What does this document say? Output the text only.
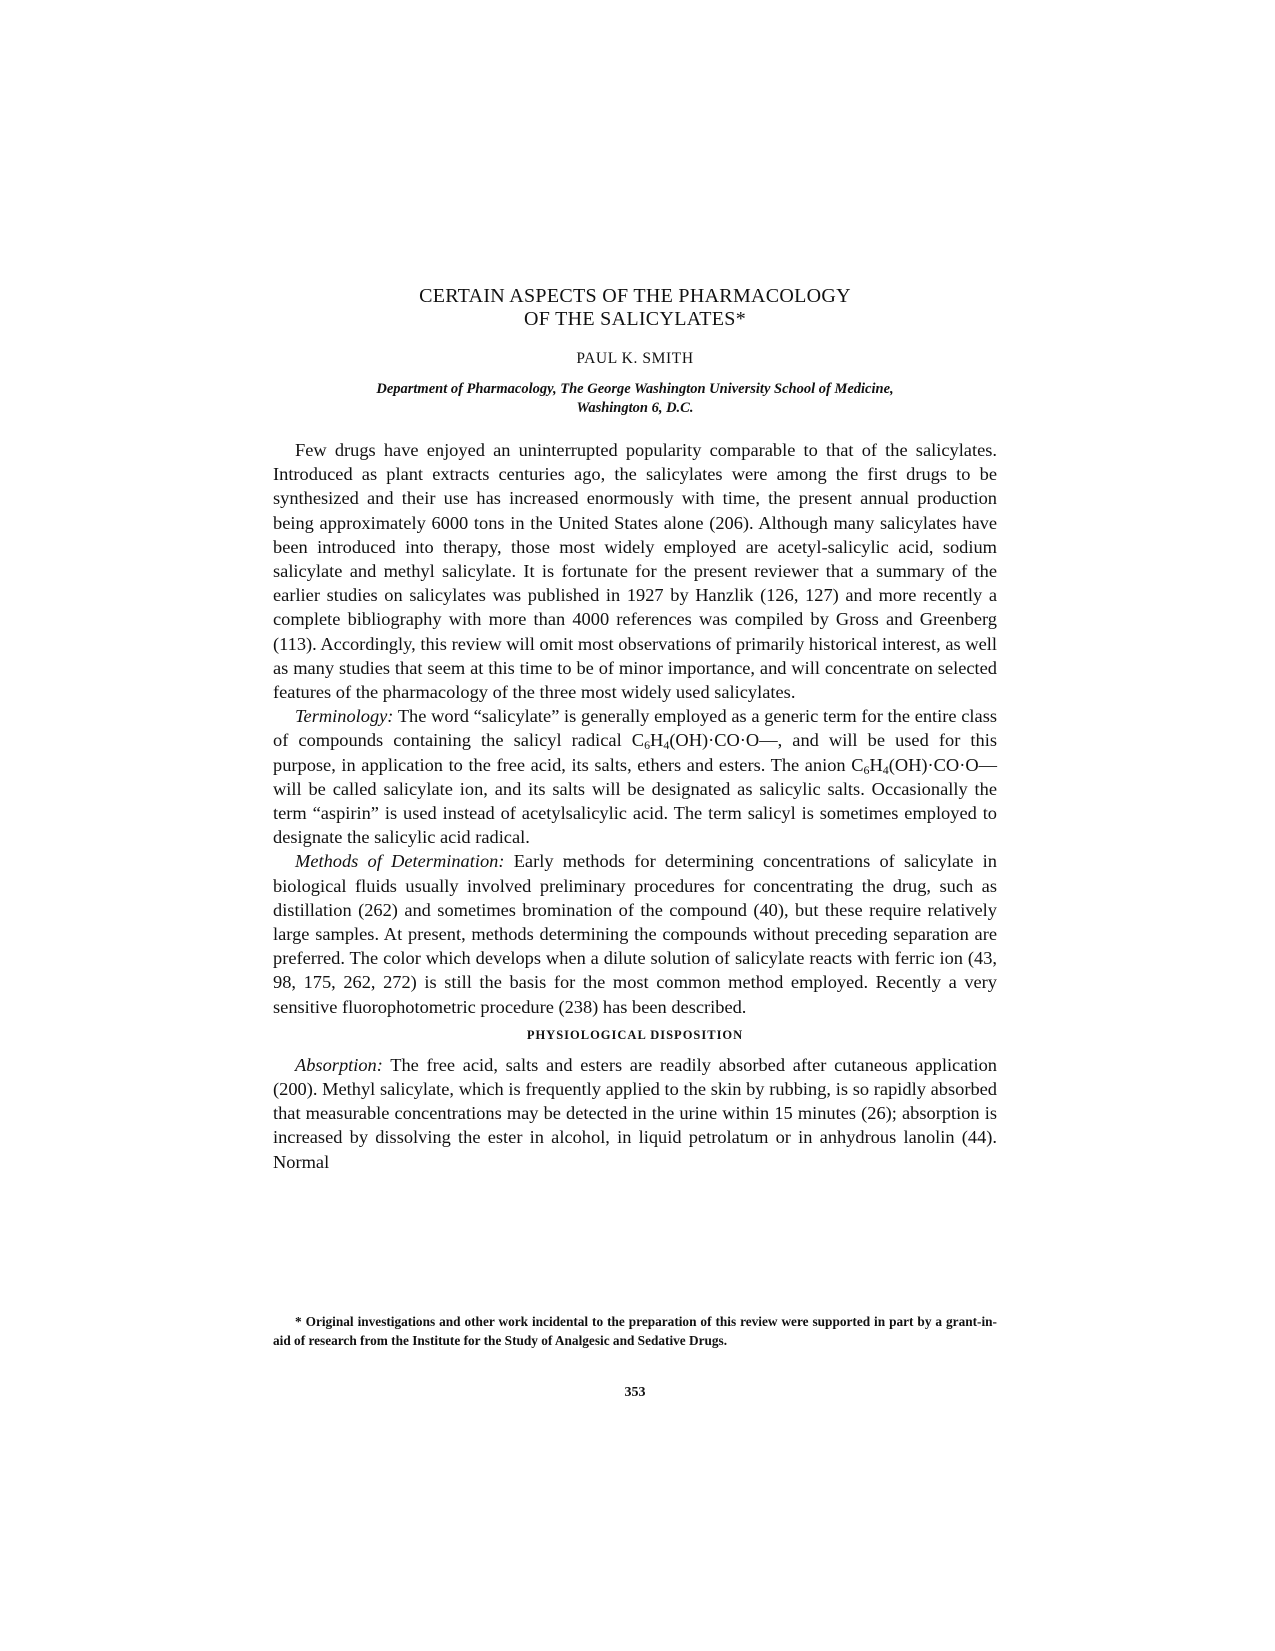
CERTAIN ASPECTS OF THE PHARMACOLOGY
OF THE SALICYLATES*
PAUL K. SMITH
Department of Pharmacology, The George Washington University School of Medicine,
Washington 6, D.C.

Few drugs have enjoyed an uninterrupted popularity comparable to that of the salicylates. Introduced as plant extracts centuries ago, the salicylates were among the first drugs to be synthesized and their use has increased enormously with time, the present annual production being approximately 6000 tons in the United States alone (206). Although many salicylates have been introduced into therapy, those most widely employed are acetyl-salicylic acid, sodium salicylate and methyl salicylate. It is fortunate for the present reviewer that a summary of the earlier studies on salicylates was published in 1927 by Hanzlik (126, 127) and more recently a complete bibliography with more than 4000 references was compiled by Gross and Greenberg (113). Accordingly, this review will omit most observations of primarily historical interest, as well as many studies that seem at this time to be of minor importance, and will concentrate on selected features of the pharmacology of the three most widely used salicylates.

Terminology: The word “salicylate” is generally employed as a generic term for the entire class of compounds containing the salicyl radical $C_6H_4(OH)\cdot CO\cdot O—$, and will be used for this purpose, in application to the free acid, its salts, ethers and esters. The anion $C_6H_4(OH)\cdot CO\cdot O—$ will be called salicylate ion, and its salts will be designated as salicylic salts. Occasionally the term “aspirin” is used instead of acetylsalicylic acid. The term salicyl is sometimes employed to designate the salicylic acid radical.

Methods of Determination: Early methods for determining concentrations of salicylate in biological fluids usually involved preliminary procedures for concentrating the drug, such as distillation (262) and sometimes bromination of the compound (40), but these require relatively large samples. At present, methods determining the compounds without preceding separation are preferred. The color which develops when a dilute solution of salicylate reacts with ferric ion (43, 98, 175, 262, 272) is still the basis for the most common method employed. Recently a very sensitive fluorophotometric procedure (238) has been described.

PHYSIOLOGICAL DISPOSITION

Absorption: The free acid, salts and esters are readily absorbed after cutaneous application (200). Methyl salicylate, which is frequently applied to the skin by rubbing, is so rapidly absorbed that measurable concentrations may be detected in the urine within 15 minutes (26); absorption is increased by dissolving the ester in alcohol, in liquid petrolatum or in anhydrous lanolin (44). Normal

* Original investigations and other work incidental to the preparation of this review were supported in part by a grant-in-aid of research from the Institute for the Study of Analgesic and Sedative Drugs.

353
